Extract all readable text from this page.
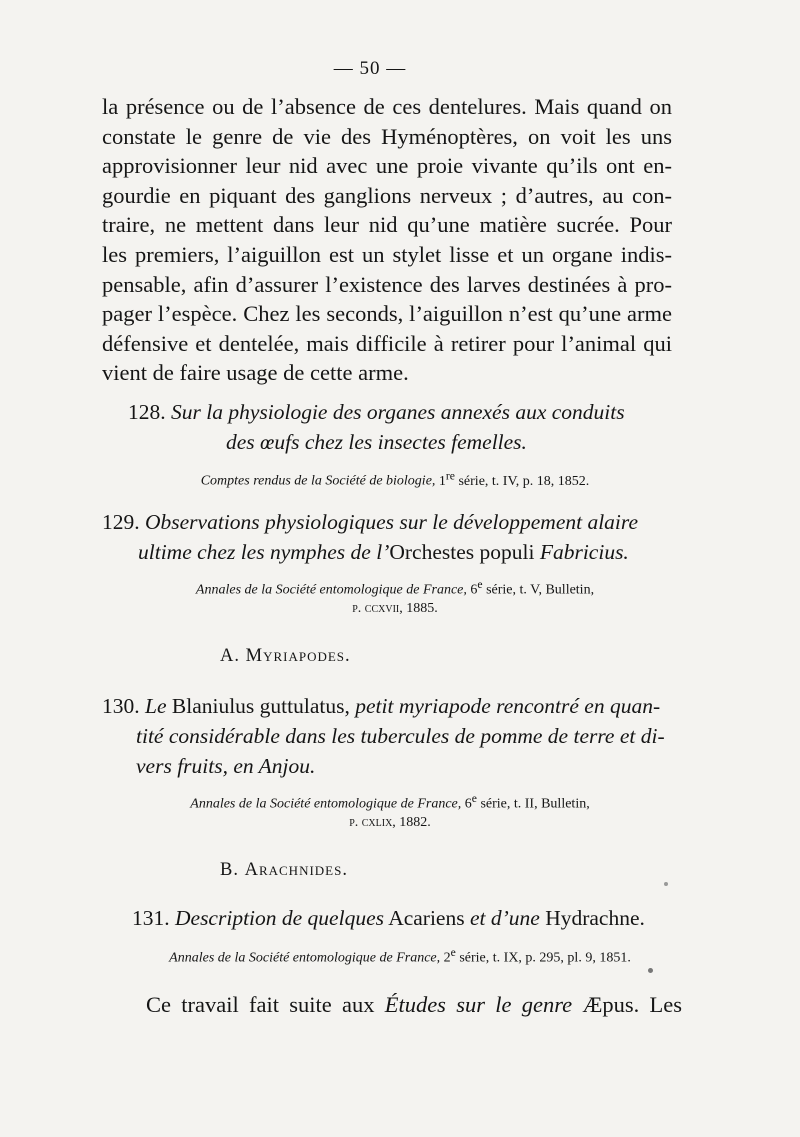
— 50 —

la présence ou de l’absence de ces dentelures. Mais quand on

constate le genre de vie des Hyménoptères, on voit les uns

approvisionner leur nid avec une proie vivante qu’ils ont en-

gourdie en piquant des ganglions nerveux ; d’autres, au con-

traire, ne mettent dans leur nid qu’une matière sucrée. Pour

les premiers, l’aiguillon est un stylet lisse et un organe indis-

pensable, afin d’assurer l’existence des larves destinées à pro-

pager l’espèce. Chez les seconds, l’aiguillon n’est qu’une arme

défensive et dentelée, mais difficile à retirer pour l’animal qui

vient de faire usage de cette arme.

128. Sur la physiologie des organes annexés aux conduits
des œufs chez les insectes femelles.
Comptes rendus de la Société de biologie, 1re série, t. IV, p. 18, 1852.
129. Observations physiologiques sur le développement alaire
ultime chez les nymphes de l’Orchestes populi Fabricius.
Annales de la Société entomologique de France, 6e série, t. V, Bulletin,
p. ccxvii, 1885.
A. Myriapodes.
130. Le Blaniulus guttulatus, petit myriapode rencontré en quan-
tité considérable dans les tubercules de pomme de terre et di-
vers fruits, en Anjou.
Annales de la Société entomologique de France, 6e série, t. II, Bulletin,
p. cxlix, 1882.
B. Arachnides.
131. Description de quelques Acariens et d’une Hydrachne.
Annales de la Société entomologique de France, 2e série, t. IX, p. 295, pl. 9, 1851.
Ce travail fait suite aux Études sur le genre Æpus. Les
